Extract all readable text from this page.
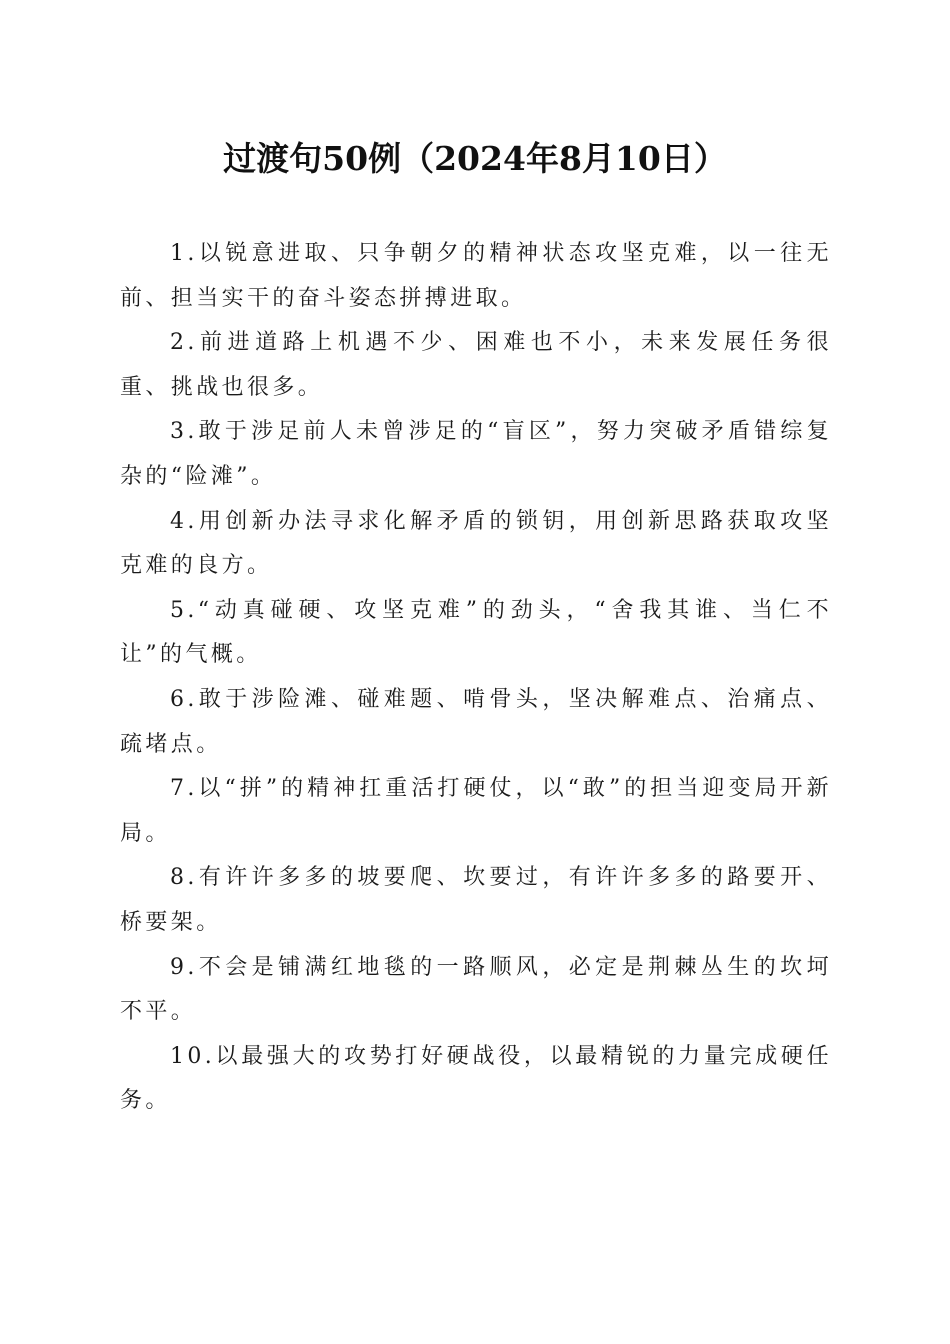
过渡句50例（2024年8月10日）

1.以锐意进取、只争朝夕的精神状态攻坚克难，以一往无前、担当实干的奋斗姿态拼搏进取。

2.前进道路上机遇不少、困难也不小，未来发展任务很重、挑战也很多。

3.敢于涉足前人未曾涉足的“盲区”，努力突破矛盾错综复杂的“险滩”。

4.用创新办法寻求化解矛盾的锁钥，用创新思路获取攻坚克难的良方。

5.“动真碰硬、攻坚克难”的劲头，“舍我其谁、当仁不让”的气概。

6.敢于涉险滩、碰难题、啃骨头，坚决解难点、治痛点、疏堵点。

7.以“拼”的精神扛重活打硬仗，以“敢”的担当迎变局开新局。

8.有许许多多的坡要爬、坎要过，有许许多多的路要开、桥要架。

9.不会是铺满红地毯的一路顺风，必定是荆棘丛生的坎坷不平。

10.以最强大的攻势打好硬战役，以最精锐的力量完成硬任务。
